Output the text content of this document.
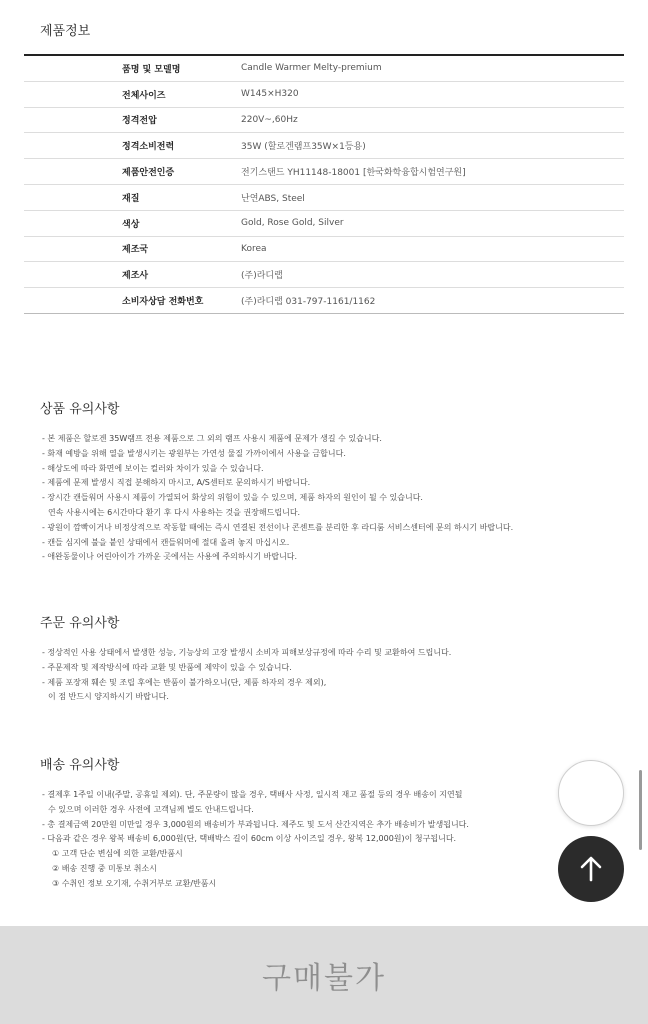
제품정보
품명 및 모델명	Candle Warmer Melty-premium
전체사이즈	W145×H320
정격전압	220V~,60Hz
정격소비전력	35W (할로겐램프35W×1등용)
제품안전인증	전기스탠드 YH11148-18001 [한국화학융합시험연구원]
재질	난연ABS, Steel
색상	Gold, Rose Gold, Silver
제조국	Korea
제조사	(주)라디랩
소비자상담 전화번호	(주)라디랩 031-797-1161/1162
상품 유의사항
- 본 제품은 할로겐 35W램프 전용 제품으로 그 외의 램프 사용시 제품에 문제가 생길 수 있습니다.
- 화재 예방을 위해 열을 발생시키는 광원부는 가연성 물질 가까이에서 사용을 금합니다.
- 해상도에 따라 화면에 보이는 컬러와 차이가 있을 수 있습니다.
- 제품에 문제 발생시 직접 분해하지 마시고, A/S센터로 문의하시기 바랍니다.
- 장시간 캔들워머 사용시 제품이 가열되어 화상의 위험이 있을 수 있으며, 제품 하자의 원인이 될 수 있습니다.
연속 사용시에는 6시간마다 환기 후 다시 사용하는 것을 권장해드립니다.
- 광원이 깜빡이거나 비정상적으로 작동할 때에는 즉시 연결된 전선이나 콘센트를 분리한 후 라디룸 서비스센터에 문의 하시기 바랍니다.
- 캔들 심지에 불을 붙인 상태에서 캔들워머에 절대 올려 놓지 마십시오.
- 애완동물이나 어린아이가 가까운 곳에서는 사용에 주의하시기 바랍니다.
주문 유의사항
- 정상적인 사용 상태에서 발생한 성능, 기능상의 고장 발생시 소비자 피해보상규정에 따라 수리 및 교환하여 드립니다.
- 주문제작 및 제작방식에 따라 교환 및 반품에 제약이 있을 수 있습니다.
- 제품 포장재 훼손 및 조립 후에는 반품이 불가하오니(단, 제품 하자의 경우 제외),
이 점 반드시 양지하시기 바랍니다.
배송 유의사항
- 결제후 1주일 이내(주말, 공휴일 제외). 단, 주문량이 많을 경우, 택배사 사정, 일시적 재고 품절 등의 경우 배송이 지연될
수 있으며 이러한 경우 사전에 고객님께 별도 안내드립니다.
- 총 결제금액 20만원 미만일 경우 3,000원의 배송비가 부과됩니다. 제주도 및 도서 산간지역은 추가 배송비가 발생됩니다.
- 다음과 같은 경우 왕복 배송비 6,000원(단, 택배박스 길이 60cm 이상 사이즈일 경우, 왕복 12,000원)이 청구됩니다.
① 고객 단순 변심에 의한 교환/반품시
② 배송 진행 중 미통보 취소시
③ 수취인 정보 오기재, 수취거부로 교환/반품시
구매불가
